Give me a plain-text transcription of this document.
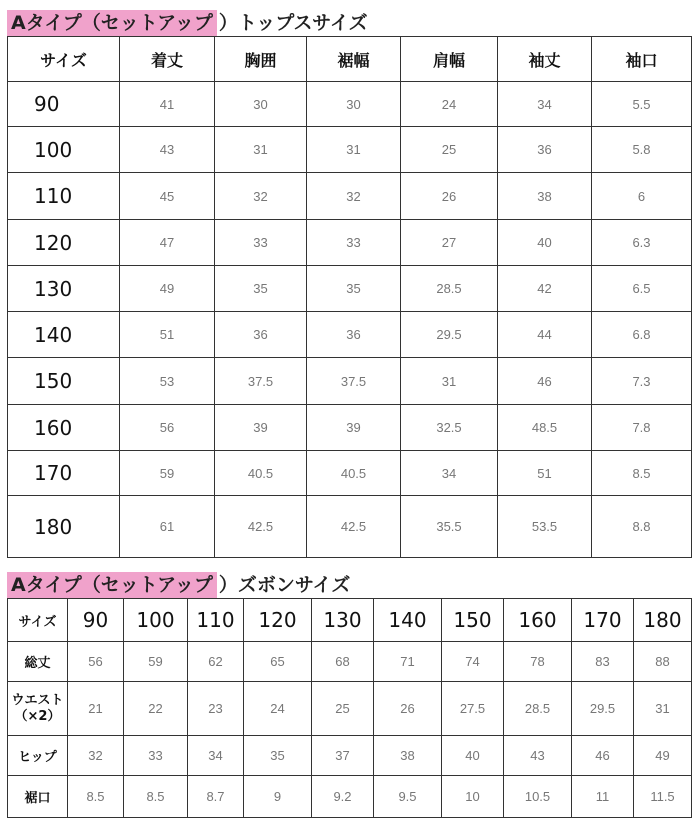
Aタイプ（セットアップ ）トップスサイズ
サイズ	着丈	胸囲	裾幅	肩幅	袖丈	袖口
90	41	30	30	24	34	5.5
100	43	31	31	25	36	5.8
110	45	32	32	26	38	6
120	47	33	33	27	40	6.3
130	49	35	35	28.5	42	6.5
140	51	36	36	29.5	44	6.8
150	53	37.5	37.5	31	46	7.3
160	56	39	39	32.5	48.5	7.8
170	59	40.5	40.5	34	51	8.5
180	61	42.5	42.5	35.5	53.5	8.8
Aタイプ（セットアップ ）ズボンサイズ
サイズ	90	100	110	120	130	140	150	160	170	180
総丈	56	59	62	65	68	71	74	78	83	88

ウエスト
（×2）	21	22	23	24	25	26	27.5	28.5	29.5	31
ヒップ	32	33	34	35	37	38	40	43	46	49
裾口	8.5	8.5	8.7	9	9.2	9.5	10	10.5	11	11.5
